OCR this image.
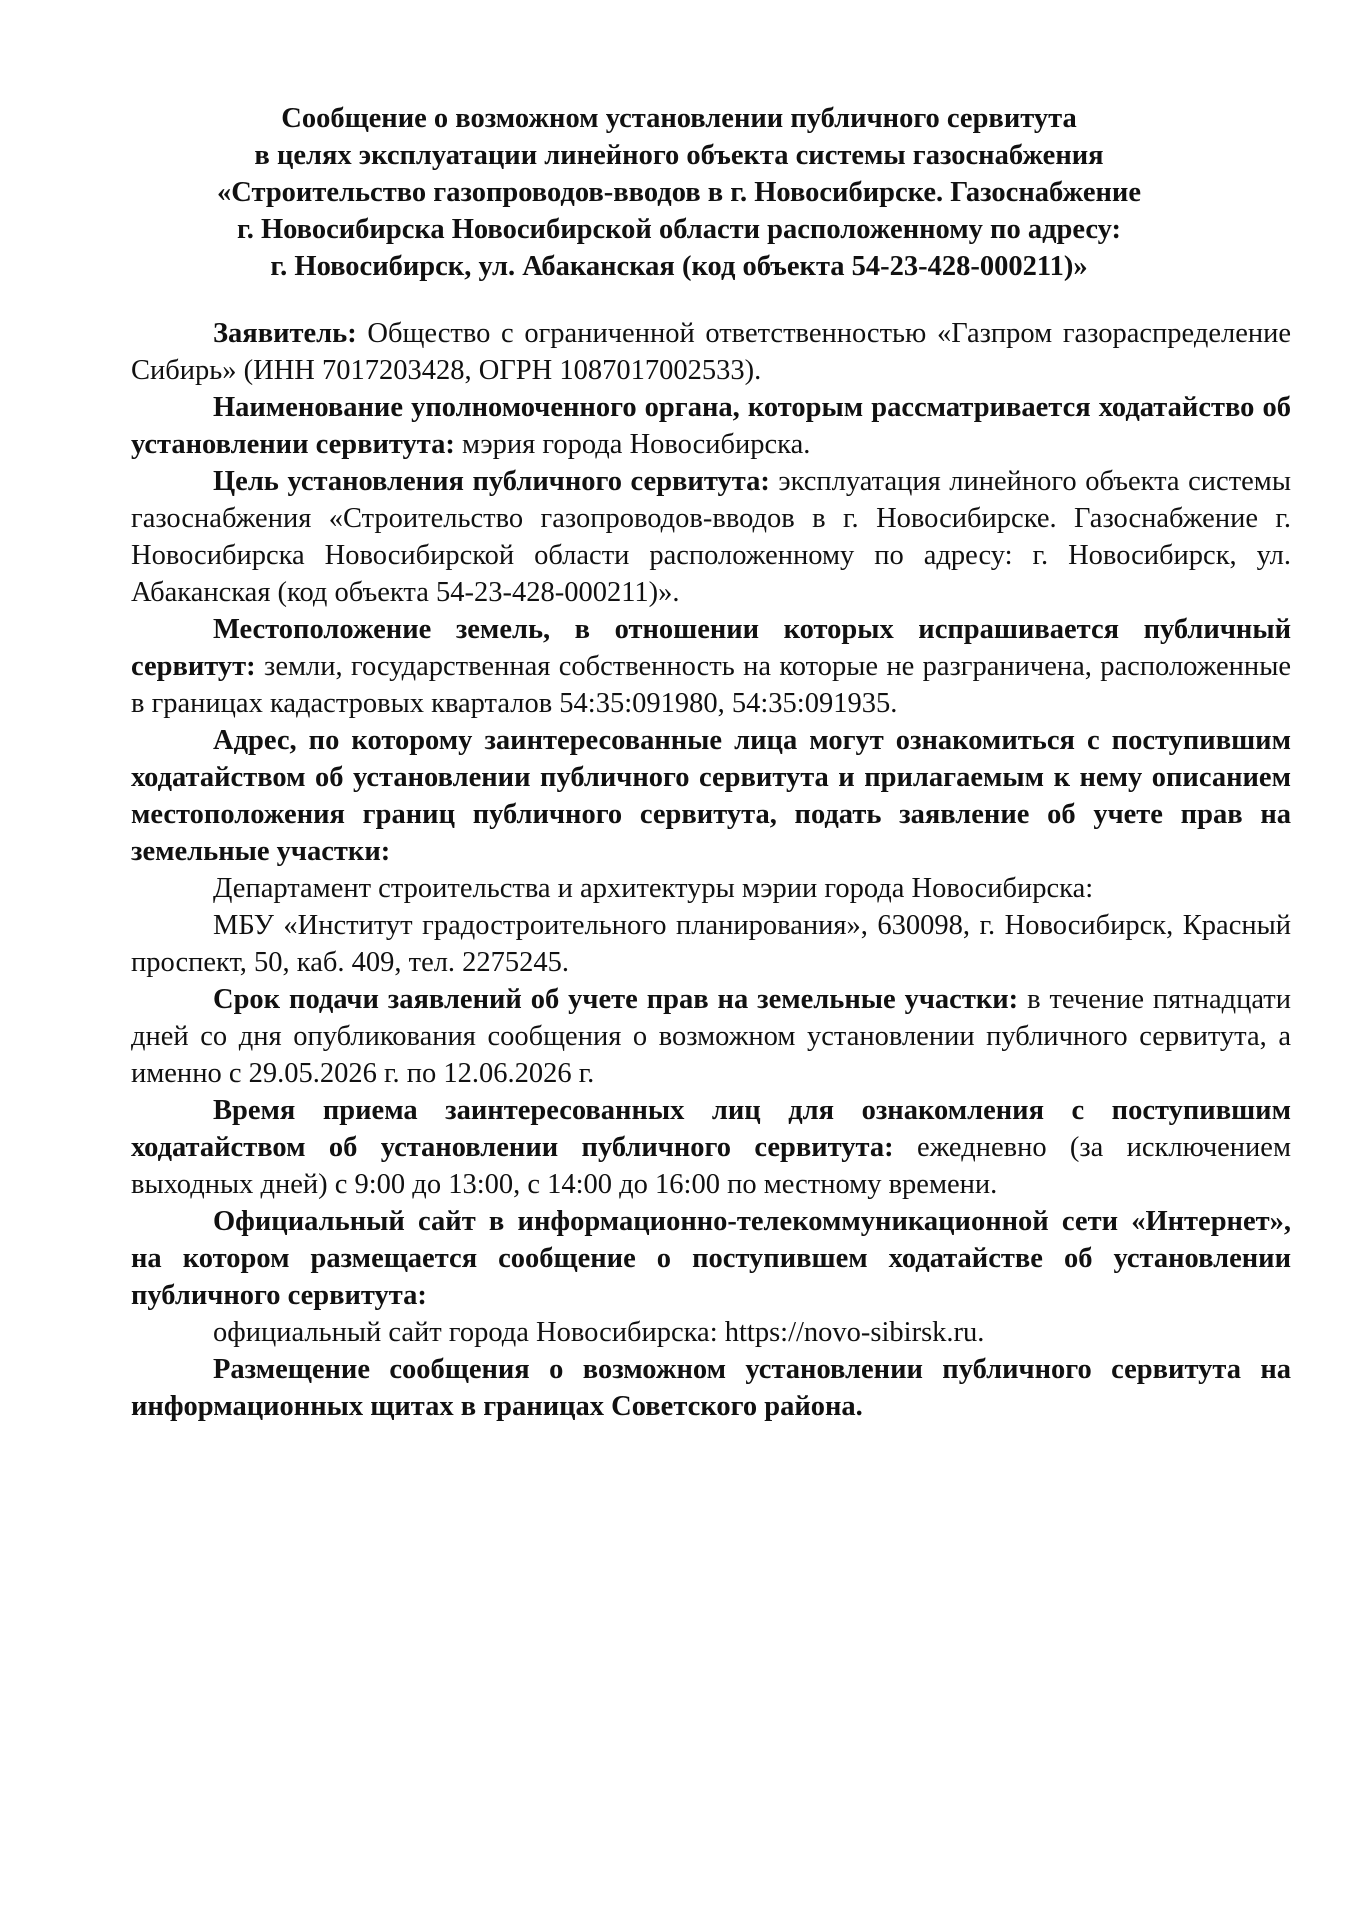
Сообщение о возможном установлении публичного сервитута
в целях эксплуатации линейного объекта системы газоснабжения
«Строительство газопроводов-вводов в г. Новосибирске. Газоснабжение
г. Новосибирска Новосибирской области расположенному по адресу:
г. Новосибирск, ул. Абаканская (код объекта 54-23-428-000211)»

Заявитель: Общество с ограниченной ответственностью «Газпром газораспределение Сибирь» (ИНН 7017203428, ОГРН 1087017002533).

Наименование уполномоченного органа, которым рассматривается ходатайство об установлении сервитута: мэрия города Новосибирска.

Цель установления публичного сервитута: эксплуатация линейного объекта системы газоснабжения «Строительство газопроводов-вводов в г. Новосибирске. Газоснабжение г. Новосибирска Новосибирской области расположенному по адресу: г. Новосибирск, ул. Абаканская (код объекта 54-23-428-000211)».

Местоположение земель, в отношении которых испрашивается публичный сервитут: земли, государственная собственность на которые не разграничена, расположенные в границах кадастровых кварталов 54:35:091980, 54:35:091935.

Адрес, по которому заинтересованные лица могут ознакомиться с поступившим ходатайством об установлении публичного сервитута и прилагаемым к нему описанием местоположения границ публичного сервитута, подать заявление об учете прав на земельные участки:

Департамент строительства и архитектуры мэрии города Новосибирска:

МБУ «Институт градостроительного планирования», 630098, г. Новосибирск, Красный проспект, 50, каб. 409, тел. 2275245.

Срок подачи заявлений об учете прав на земельные участки: в течение пятнадцати дней со дня опубликования сообщения о возможном установлении публичного сервитута, а именно с 29.05.2026 г. по 12.06.2026 г.

Время приема заинтересованных лиц для ознакомления с поступившим ходатайством об установлении публичного сервитута: ежедневно (за исключением выходных дней) с 9:00 до 13:00, с 14:00 до 16:00 по местному времени.

Официальный сайт в информационно-телекоммуникационной сети «Интернет», на котором размещается сообщение о поступившем ходатайстве об установлении публичного сервитута:

официальный сайт города Новосибирска: https://novo-sibirsk.ru.

Размещение сообщения о возможном установлении публичного сервитута на информационных щитах в границах Советского района.
